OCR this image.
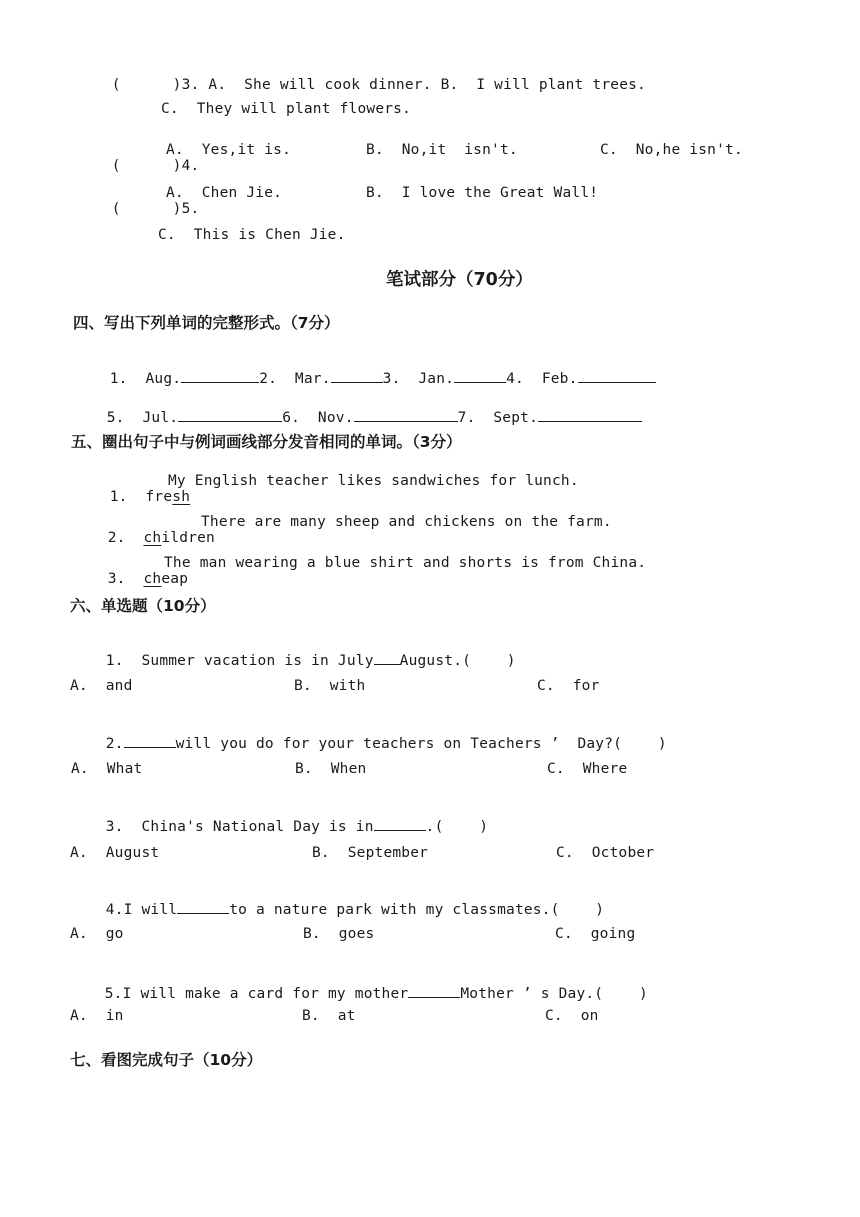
(	)3. A.  She will cook dinner. B.  I will plant trees.

C.  They will plant flowers.

(	)4.

A.  Yes,it is.	B.  No,it  isn't.	C.  No,he isn't.

(	)5.

A.  Chen Jie.	B.  I love the Great Wall!
C.  This is Chen Jie.
笔试部分（70分）
四、写出下列单词的完整形式。（7分）

1.  Aug.	2.  Mar.	3.  Jan.	4.  Feb.

5.  Jul.	6.  Nov.	7.  Sept.

五、圈出句子中与例词画线部分发音相同的单词。（3分）

1.  fresh

My English teacher likes sandwiches for lunch.

2.  children

There are many sheep and chickens on the farm.

3.  cheap

The man wearing a blue shirt and shorts is from China.
六、单选题（10分）

1.  Summer vacation is in July August.(    )

A.  and	B.  with	C.  for

2.	will you do for your teachers on Teachers ’  Day?(    )

A.  What	B.  When	C.  Where

3.  China's National Day is in	.(    )

A.  August	B.  September	C.  October

4.I will	to a nature park with my classmates.(    )

A.  go	B.  goes	C.  going

5.I will make a card for my mother	Mother ’ s Day.(    )

A.  in	B.  at	C.  on
七、看图完成句子（10分）
